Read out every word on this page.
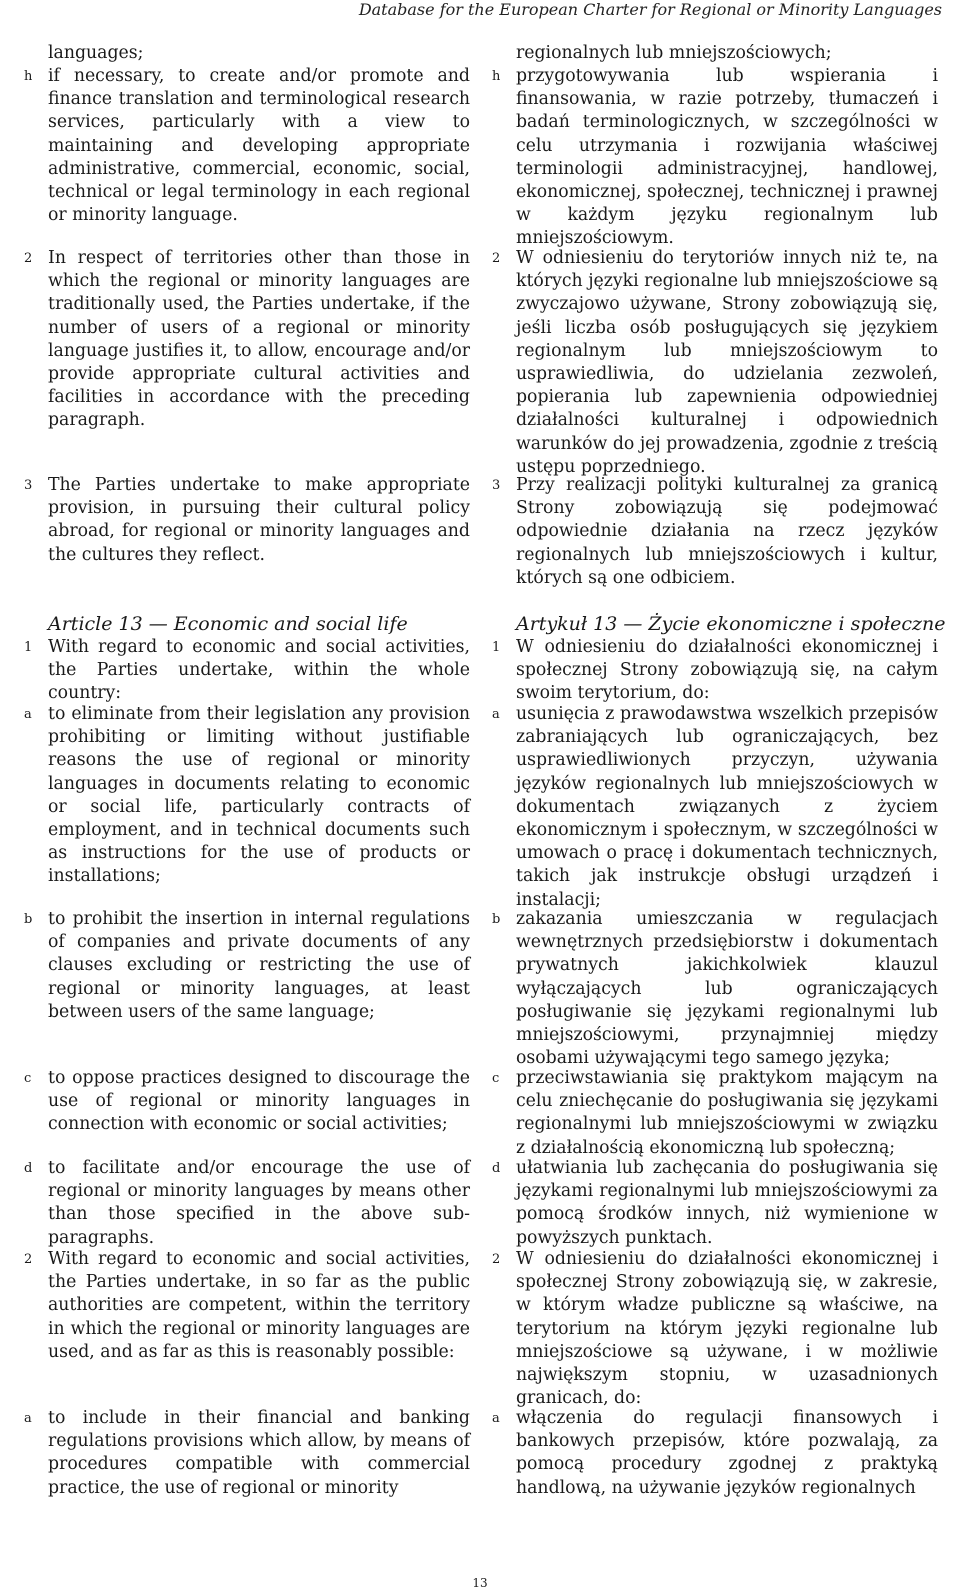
Database for the European Charter for Regional or Minority Languages
languages;
h if necessary, to create and/or promote and finance translation and terminological research services, particularly with a view to maintaining and developing appropriate administrative, commercial, economic, social, technical or legal terminology in each regional or minority language.
2 In respect of territories other than those in which the regional or minority languages are traditionally used, the Parties undertake, if the number of users of a regional or minority language justifies it, to allow, encourage and/or provide appropriate cultural activities and facilities in accordance with the preceding paragraph.
3 The Parties undertake to make appropriate provision, in pursuing their cultural policy abroad, for regional or minority languages and the cultures they reflect.
Article 13 — Economic and social life
1 With regard to economic and social activities, the Parties undertake, within the whole country:
a to eliminate from their legislation any provision prohibiting or limiting without justifiable reasons the use of regional or minority languages in documents relating to economic or social life, particularly contracts of employment, and in technical documents such as instructions for the use of products or installations;
b to prohibit the insertion in internal regulations of companies and private documents of any clauses excluding or restricting the use of regional or minority languages, at least between users of the same language;
c to oppose practices designed to discourage the use of regional or minority languages in connection with economic or social activities;
d to facilitate and/or encourage the use of regional or minority languages by means other than those specified in the above sub-paragraphs.
2 With regard to economic and social activities, the Parties undertake, in so far as the public authorities are competent, within the territory in which the regional or minority languages are used, and as far as this is reasonably possible:
a to include in their financial and banking regulations provisions which allow, by means of procedures compatible with commercial practice, the use of regional or minority
regionalnych lub mniejszościowych;
h przygotowywania lub wspierania i finansowania, w razie potrzeby, tłumaczeń i badań terminologicznych, w szczególności w celu utrzymania i rozwijania właściwej terminologii administracyjnej, handlowej, ekonomicznej, społecznej, technicznej i prawnej w każdym języku regionalnym lub mniejszościowym.
2 W odniesieniu do terytoriów innych niż te, na których języki regionalne lub mniejszościowe są zwyczajowo używane, Strony zobowiązują się, jeśli liczba osób posługujących się językiem regionalnym lub mniejszościowym to usprawiedliwia, do udzielania zezwoleń, popierania lub zapewnienia odpowiedniej działalności kulturalnej i odpowiednich warunków do jej prowadzenia, zgodnie z treścią ustępu poprzedniego.
3 Przy realizacji polityki kulturalnej za granicą Strony zobowiązują się podejmować odpowiednie działania na rzecz języków regionalnych lub mniejszościowych i kultur, których są one odbiciem.
Artykuł 13 — Życie ekonomiczne i społeczne
1 W odniesieniu do działalności ekonomicznej i społecznej Strony zobowiązują się, na całym swoim terytorium, do:
a usunięcia z prawodawstwa wszelkich przepisów zabraniających lub ograniczających, bez usprawiedliwionych przyczyn, używania języków regionalnych lub mniejszościowych w dokumentach związanych z życiem ekonomicznym i społecznym, w szczególności w umowach o pracę i dokumentach technicznych, takich jak instrukcje obsługi urządzeń i instalacji;
b zakazania umieszczania w regulacjach wewnętrznych przedsiębiorstw i dokumentach prywatnych jakichkolwiek klauzul wyłączających lub ograniczających posługiwanie się językami regionalnymi lub mniejszościowymi, przynajmniej między osobami używającymi tego samego języka;
c przeciwstawiania się praktykom mającym na celu zniechęcanie do posługiwania się językami regionalnymi lub mniejszościowymi w związku z działalnością ekonomiczną lub społeczną;
d ułatwiania lub zachęcania do posługiwania się językami regionalnymi lub mniejszościowymi za pomocą środków innych, niż wymienione w powyższych punktach.
2 W odniesieniu do działalności ekonomicznej i społecznej Strony zobowiązują się, w zakresie, w którym władze publiczne są właściwe, na terytorium na którym języki regionalne lub mniejszościowe są używane, i w możliwie największym stopniu, w uzasadnionych granicach, do:
a włączenia do regulacji finansowych i bankowych przepisów, które pozwalają, za pomocą procedury zgodnej z praktyką handlową, na używanie języków regionalnych
13
